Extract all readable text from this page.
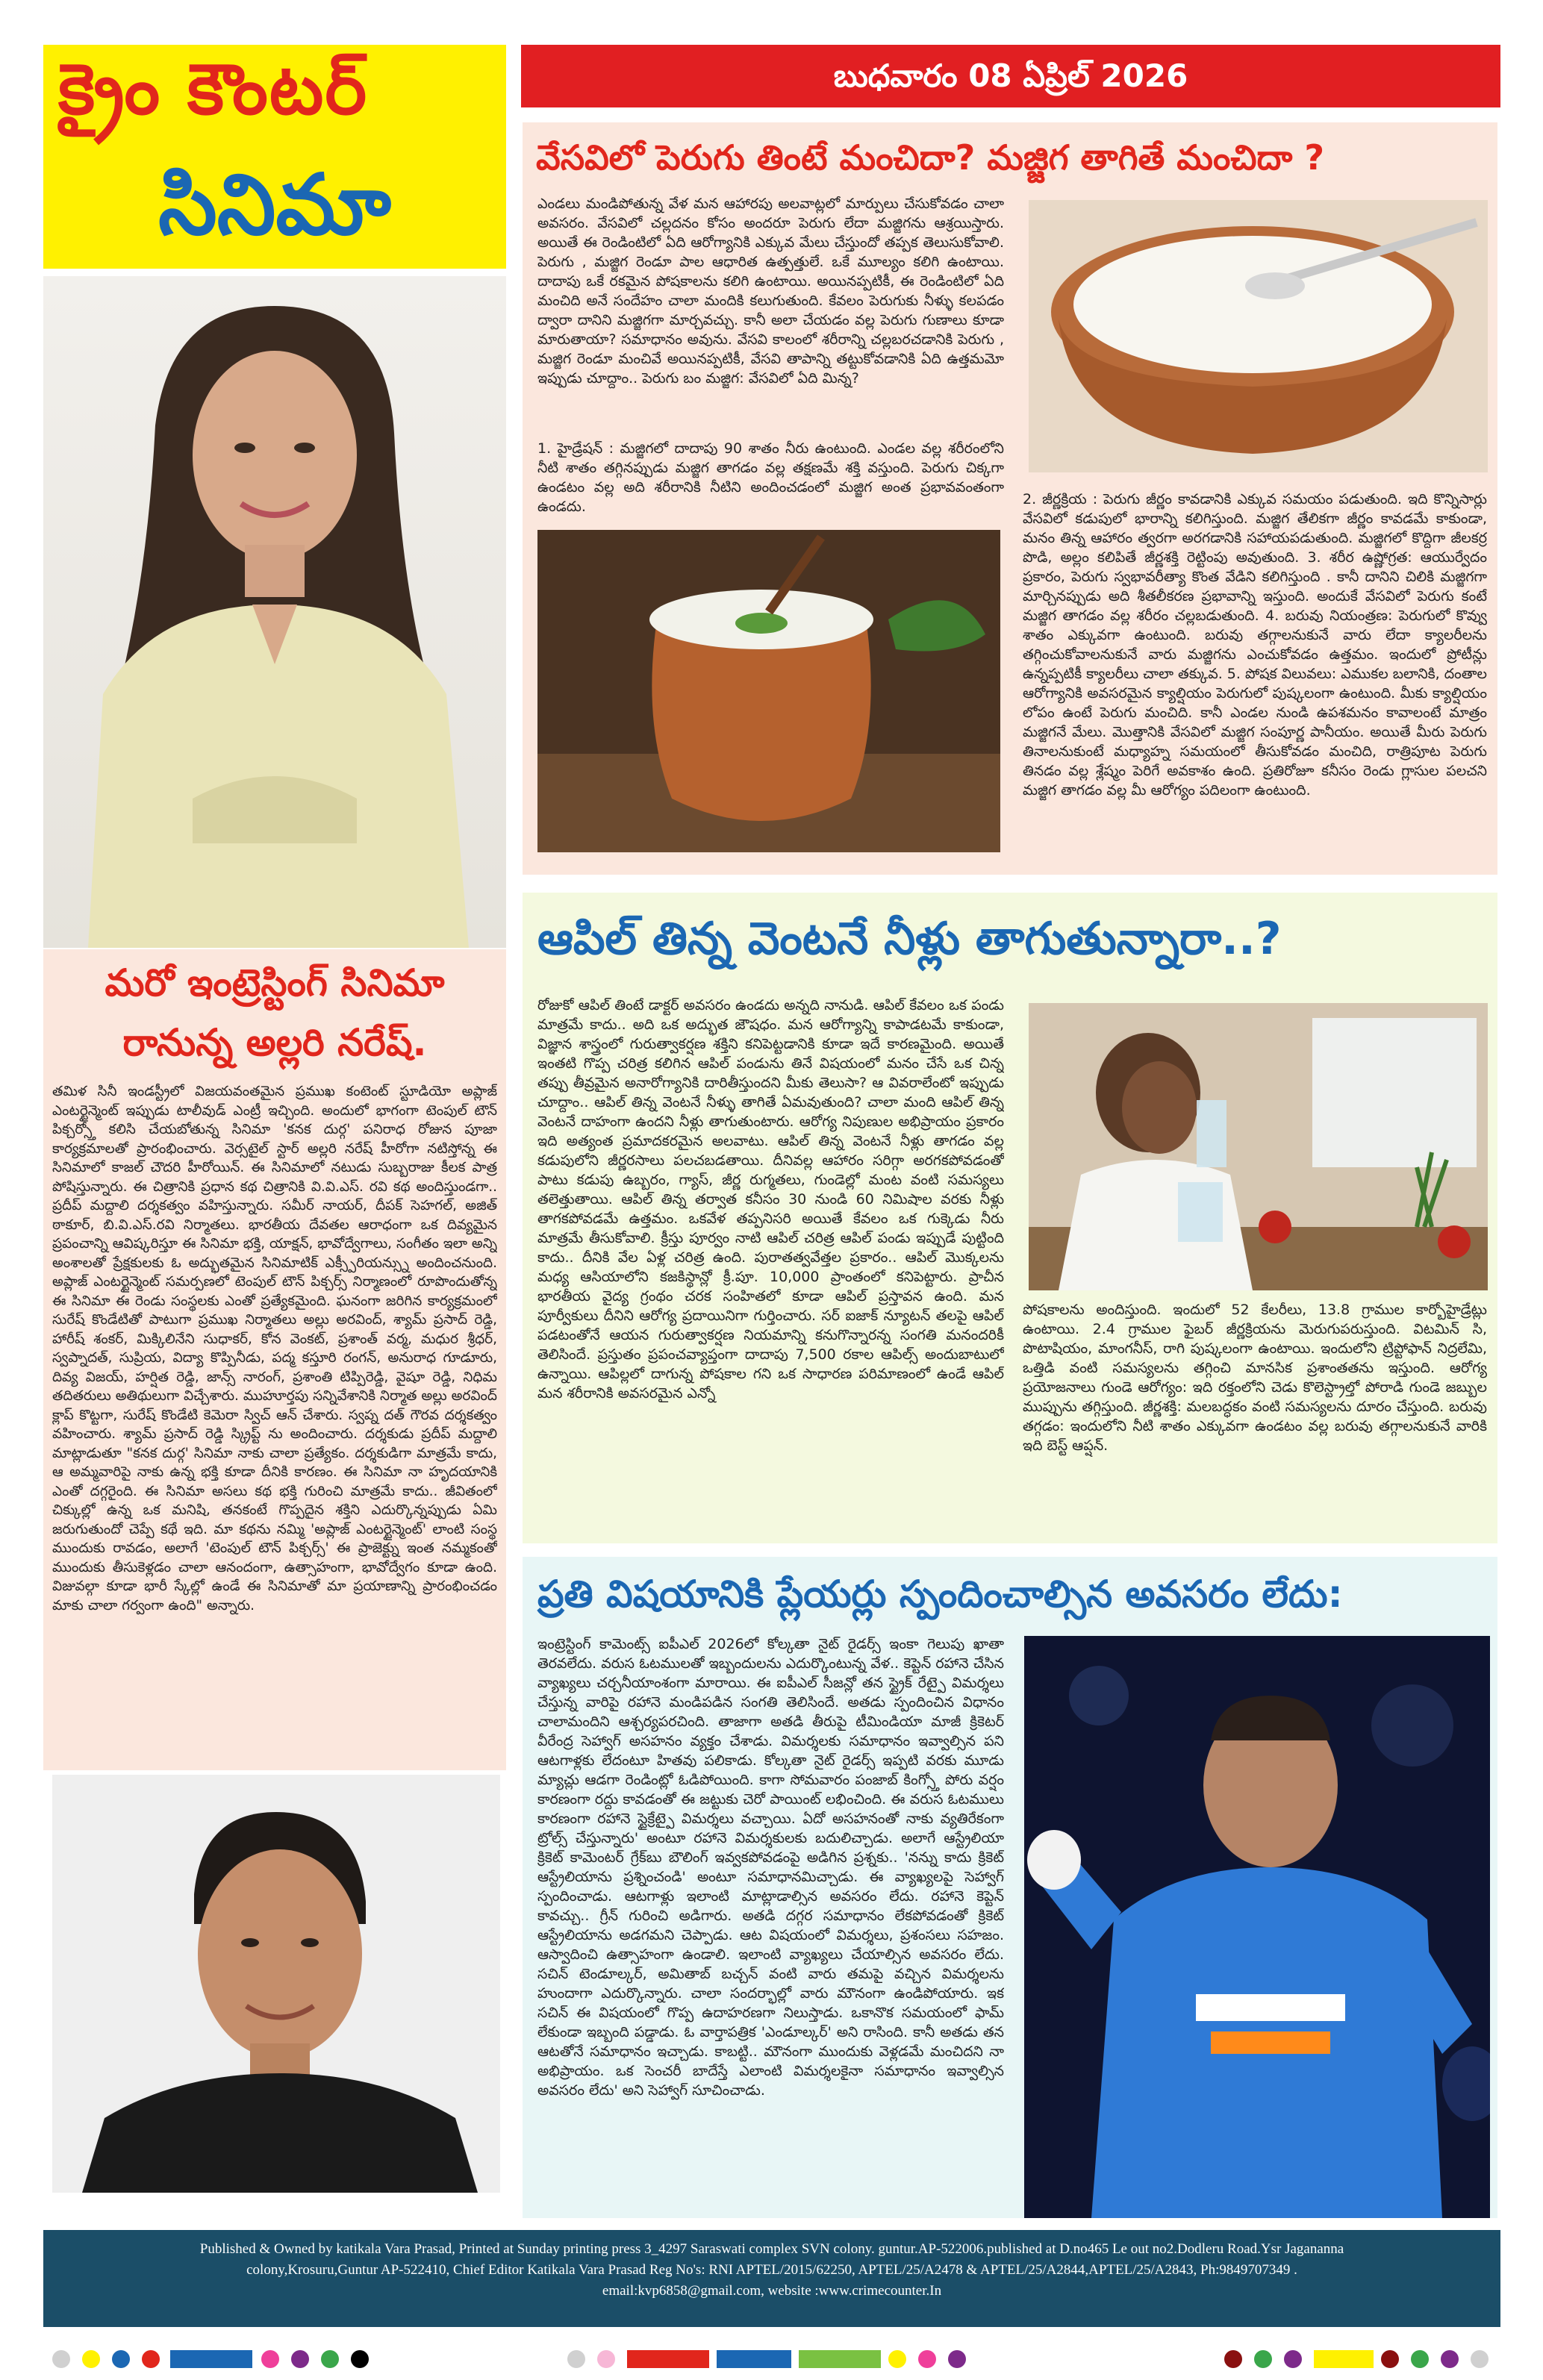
క్రైం కౌంటర్
సినిమా
బుధవారం 08 ఏప్రిల్ 2026
మరో ఇంట్రెస్టింగ్ సినిమా
రానున్న అల్లరి నరేష్.
తమిళ సినీ ఇండస్ట్రీలో విజయవంతమైన ప్రముఖ కంటెంట్ స్టూడియో అప్లాజ్ ఎంటర్టైన్మెంట్ ఇప్పుడు టాలీవుడ్ ఎంట్రీ ఇచ్చింది. అందులో భాగంగా టెంపుల్ టౌన్ పిక్చర్స్తో కలిసి చేయబోతున్న సినిమా 'కనక దుర్గ' పనిరాధ రోజున పూజా కార్యక్రమాలతో ప్రారంభించారు. వెర్సటైల్ స్టార్ అల్లరి నరేష్ హీరోగా నటిస్తోన్న ఈ సినిమాలో కాజల్ చౌదరి హీరోయిన్. ఈ సినిమాలో నటుడు సుబ్బరాజు కీలక పాత్ర పోషిస్తున్నారు. ఈ చిత్రానికి ప్రధాన కథ చిత్రానికి వి.వి.ఎస్. రవి కథ అందిస్తుండగా.. ప్రదీప్ మద్దాలి దర్శకత్వం వహిస్తున్నారు. సమీర్ నాయర్, దీపక్ సెహగల్, అజిత్ ఠాకూర్, బి.వి.ఎస్.రవి నిర్మాతలు. భారతీయ దేవతల ఆరాధంగా ఒక దివ్యమైన ప్రపంచాన్ని ఆవిష్కరిస్తూ ఈ సినిమా భక్తి, యాక్షన్, భావోద్వేగాలు, సంగీతం ఇలా అన్ని అంశాలతో ప్రేక్షకులకు ఓ అద్భుతమైన సినిమాటిక్ ఎక్స్పీరియన్స్ను అందించనుంది. అప్లాజ్ ఎంటర్టైన్మెంట్ సమర్పణలో టెంపుల్ టౌన్ పిక్చర్స్ నిర్మాణంలో రూపొందుతోన్న ఈ సినిమా ఈ రెండు సంస్థలకు ఎంతో ప్రత్యేకమైంది. ఘనంగా జరిగిన కార్యక్రమంలో సురేష్ కొండేటితో పాటుగా ప్రముఖ నిర్మాతలు అల్లు అరవింద్, శ్యామ్ ప్రసాద్ రెడ్డి, హారీష్ శంకర్, మిక్కిలినేని సుధాకర్, కోన వెంకట్, ప్రశాంత్ వర్మ, మధుర శ్రీధర్, స్వప్నాదత్, సుప్రియ, విద్యా కొప్పినీడు, పద్మ కస్తూరి రంగన్, అనురాధ గూడూరు, దివ్య విజయ్, హర్షిత రెడ్డి, జాన్స్ నారంగ్, ప్రశాంతి టిప్పిరెడ్డి, వైషూ రెడ్డి, నిధిమ తదితరులు అతిథులుగా విచ్చేశారు. ముహూర్తపు సన్నివేశానికి నిర్మాత అల్లు అరవింద్ క్లాప్ కొట్టగా, సురేష్ కొండేటి కెమెరా స్విచ్ ఆన్ చేశారు. స్వప్న దత్ గౌరవ దర్శకత్వం వహించారు. శ్యామ్ ప్రసాద్ రెడ్డి స్క్రిప్ట్ ను అందించారు. దర్శకుడు ప్రదీప్ మద్దాలి మాట్లాడుతూ "కనక దుర్గ' సినిమా నాకు చాలా ప్రత్యేకం. దర్శకుడిగా మాత్రమే కాదు, ఆ అమ్మవారిపై నాకు ఉన్న భక్తి కూడా దీనికి కారణం. ఈ సినిమా నా హృదయానికి ఎంతో దగ్గరైంది. ఈ సినిమా అసలు కథ భక్తి గురించి మాత్రమే కాదు.. జీవితంలో చిక్కుల్లో ఉన్న ఒక మనిషి, తనకంటే గొప్పదైన శక్తిని ఎదుర్కొన్నప్పుడు ఏమి జరుగుతుందో చెప్పే కథే ఇది. మా కథను నమ్మి 'అప్లాజ్ ఎంటర్టైన్మెంట్' లాంటి సంస్థ ముందుకు రావడం, అలాగే 'టెంపుల్ టౌన్ పిక్చర్స్' ఈ ప్రాజెక్ట్ను ఇంత నమ్మకంతో ముందుకు తీసుకెళ్లడం చాలా ఆనందంగా, ఉత్సాహంగా, భావోద్వేగం కూడా ఉంది. విజువల్గా కూడా భారీ స్కేల్లో ఉండే ఈ సినిమాతో మా ప్రయాణాన్ని ప్రారంభించడం మాకు చాలా గర్వంగా ఉంది" అన్నారు.
వేసవిలో పెరుగు తింటే మంచిదా? మజ్జిగ తాగితే మంచిదా ?
ఎండలు మండిపోతున్న వేళ మన ఆహారపు అలవాట్లలో మార్పులు చేసుకోవడం చాలా అవసరం. వేసవిలో చల్లదనం కోసం అందరూ పెరుగు లేదా మజ్జిగను ఆశ్రయిస్తారు. అయితే ఈ రెండింటిలో ఏది ఆరోగ్యానికి ఎక్కువ మేలు చేస్తుందో తప్పక తెలుసుకోవాలి. పెరుగు , మజ్జిగ రెండూ పాల ఆధారిత ఉత్పత్తులే. ఒకే మూల్యం కలిగి ఉంటాయి. దాదాపు ఒకే రకమైన పోషకాలను కలిగి ఉంటాయి. అయినప్పటికీ, ఈ రెండింటిలో ఏది మంచిది అనే సందేహం చాలా మందికి కలుగుతుంది. కేవలం పెరుగుకు నీళ్ళు కలపడం ద్వారా దానిని మజ్జిగగా మార్చవచ్చు. కానీ అలా చేయడం వల్ల పెరుగు గుణాలు కూడా మారుతాయా? సమాధానం అవును. వేసవి కాలంలో శరీరాన్ని చల్లబరచడానికి పెరుగు , మజ్జిగ రెండూ మంచివే అయినప్పటికీ, వేసవి తాపాన్ని తట్టుకోవడానికి ఏది ఉత్తమమో ఇప్పుడు చూద్దాం.. పెరుగు బం మజ్జిగ: వేసవిలో ఏది మిన్న?
1. హైడ్రేషన్ : మజ్జిగలో దాదాపు 90 శాతం నీరు ఉంటుంది. ఎండల వల్ల శరీరంలోని నీటి శాతం తగ్గినప్పుడు మజ్జిగ తాగడం వల్ల తక్షణమే శక్తి వస్తుంది. పెరుగు చిక్కగా ఉండటం వల్ల అది శరీరానికి నీటిని అందించడంలో మజ్జిగ అంత ప్రభావవంతంగా ఉండదు.	2. జీర్ణక్రియ : పెరుగు జీర్ణం కావడానికి ఎక్కువ సమయం పడుతుంది. ఇది కొన్నిసార్లు వేసవిలో కడుపులో భారాన్ని కలిగిస్తుంది. మజ్జిగ తేలికగా జీర్ణం కావడమే కాకుండా, మనం తిన్న ఆహారం త్వరగా అరగడానికి సహాయపడుతుంది. మజ్జిగలో కొద్దిగా జీలకర్ర పొడి, అల్లం కలిపితే జీర్ణశక్తి రెట్టింపు అవుతుంది. 3. శరీర ఉష్ణోగ్రత: ఆయుర్వేదం ప్రకారం, పెరుగు స్వభావరీత్యా కొంత వేడిని కలిగిస్తుంది . కానీ దానిని చిలికి మజ్జిగగా మార్చినప్పుడు అది శీతలీకరణ ప్రభావాన్ని ఇస్తుంది. అందుకే వేసవిలో పెరుగు కంటే మజ్జిగ తాగడం వల్ల శరీరం చల్లబడుతుంది. 4. బరువు నియంత్రణ: పెరుగులో కొవ్వు శాతం ఎక్కువగా ఉంటుంది. బరువు తగ్గాలనుకునే వారు లేదా క్యాలరీలను తగ్గించుకోవాలనుకునే వారు మజ్జిగను ఎంచుకోవడం ఉత్తమం. ఇందులో ప్రోటీన్లు ఉన్నప్పటికీ క్యాలరీలు చాలా తక్కువ. 5. పోషక విలువలు: ఎముకల బలానికి, దంతాల ఆరోగ్యానికి అవసరమైన క్యాల్షియం పెరుగులో పుష్కలంగా ఉంటుంది. మీకు క్యాల్షియం లోపం ఉంటే పెరుగు మంచిది. కానీ ఎండల నుండి ఉపశమనం కావాలంటే మాత్రం మజ్జిగనే మేలు. మొత్తానికి వేసవిలో మజ్జిగ సంపూర్ణ పానీయం. అయితే మీరు పెరుగు తినాలనుకుంటే మధ్యాహ్న సమయంలో తీసుకోవడం మంచిది, రాత్రిపూట పెరుగు తినడం వల్ల శ్లేష్మం పెరిగే అవకాశం ఉంది. ప్రతిరోజూ కనీసం రెండు గ్లాసుల పలచని మజ్జిగ తాగడం వల్ల మీ ఆరోగ్యం పదిలంగా ఉంటుంది.
ఆపిల్ తిన్న వెంటనే నీళ్లు తాగుతున్నారా..?
రోజుకో ఆపిల్ తింటే డాక్టర్ అవసరం ఉండదు అన్నది నానుడి. ఆపిల్ కేవలం ఒక పండు మాత్రమే కాదు.. అది ఒక అద్భుత జౌషధం. మన ఆరోగ్యాన్ని కాపాడటమే కాకుండా, విజ్ఞాన శాస్త్రంలో గురుత్వాకర్షణ శక్తిని కనిపెట్టడానికి కూడా ఇదే కారణమైంది. అయితే ఇంతటి గొప్ప చరిత్ర కలిగిన ఆపిల్ పండును తినే విషయంలో మనం చేసే ఒక చిన్న తప్పు తీవ్రమైన అనారోగ్యానికి దారితీస్తుందని మీకు తెలుసా? ఆ వివరాలేంటో ఇప్పుడు చూద్దాం.. ఆపిల్ తిన్న వెంటనే నీళ్ళు తాగితే ఏమవుతుంది? చాలా మంది ఆపిల్ తిన్న వెంటనే దాహంగా ఉందని నీళ్లు తాగుతుంటారు. ఆరోగ్య నిపుణుల అభిప్రాయం ప్రకారం ఇది అత్యంత ప్రమాదకరమైన అలవాటు. ఆపిల్ తిన్న వెంటనే నీళ్లు తాగడం వల్ల కడుపులోని జీర్ణరసాలు పలచబడతాయి. దీనివల్ల ఆహారం సరిగ్గా అరగకపోవడంతో పాటు కడుపు ఉబ్బరం, గ్యాస్, జీర్ణ రుగ్మతలు, గుండెల్లో మంట వంటి సమస్యలు తలెత్తుతాయి. ఆపిల్ తిన్న తర్వాత కనీసం 30 నుండి 60 నిమిషాల వరకు నీళ్లు తాగకపోవడమే ఉత్తమం. ఒకవేళ తప్పనిసరి అయితే కేవలం ఒక గుక్కెడు నీరు మాత్రమే తీసుకోవాలి. క్రీస్తు పూర్వం నాటి ఆపిల్ చరిత్ర ఆపిల్ పండు ఇప్పుడే పుట్టింది కాదు.. దీనికి వేల ఏళ్ల చరిత్ర ఉంది. పురాతత్వవేత్తల ప్రకారం.. ఆపిల్ మొక్కలను మధ్య ఆసియాలోని కజకిస్థాన్లో క్రీ.పూ. 10,000 ప్రాంతంలో కనిపెట్టారు. ప్రాచీన భారతీయ వైద్య గ్రంథం చరక సంహితలో కూడా ఆపిల్ ప్రస్తావన ఉంది. మన పూర్వీకులు దీనిని ఆరోగ్య ప్రదాయినిగా గుర్తించారు. సర్ ఐజాక్ న్యూటన్ తలపై ఆపిల్ పడటంతోనే ఆయన గురుత్వాకర్షణ నియమాన్ని కనుగొన్నారన్న సంగతి మనందరికీ తెలిసిందే. ప్రస్తుతం ప్రపంచవ్యాప్తంగా దాదాపు 7,500 రకాల ఆపిల్స్ అందుబాటులో ఉన్నాయి. ఆపిల్లలో దాగున్న పోషకాల గని ఒక సాధారణ పరిమాణంలో ఉండే ఆపిల్ మన శరీరానికి అవసరమైన ఎన్నో
పోషకాలను అందిస్తుంది. ఇందులో 52 కేలరీలు, 13.8 గ్రాముల కార్బోహైడ్రేట్లు ఉంటాయి. 2.4 గ్రాముల ఫైబర్ జీర్ణక్రియను మెరుగుపరుస్తుంది. విటమిన్ సి, పొటాషియం, మాంగనీస్, రాగి పుష్కలంగా ఉంటాయి. ఇందులోని ట్రిప్టోఫాన్ నిద్రలేమి, ఒత్తిడి వంటి సమస్యలను తగ్గించి మానసిక ప్రశాంతతను ఇస్తుంది. ఆరోగ్య ప్రయోజనాలు గుండె ఆరోగ్యం: ఇది రక్తంలోని చెడు కొలెస్ట్రాల్తో పోరాడి గుండె జబ్బుల ముప్పును తగ్గిస్తుంది. జీర్ణశక్తి: మలబద్ధకం వంటి సమస్యలను దూరం చేస్తుంది. బరువు తగ్గడం: ఇందులోని నీటి శాతం ఎక్కువగా ఉండటం వల్ల బరువు తగ్గాలనుకునే వారికి ఇది బెస్ట్ ఆప్షన్.
ప్రతి విషయానికి ప్లేయర్లు స్పందించాల్సిన అవసరం లేదు:
ఇంట్రెస్టింగ్ కామెంట్స్ ఐపీఎల్ 2026లో కోల్కతా నైట్ రైడర్స్ ఇంకా గెలుపు ఖాతా తెరవలేదు. వరుస ఓటములతో ఇబ్బందులను ఎదుర్కొంటున్న వేళ.. కెప్టెన్ రహానె చేసిన వ్యాఖ్యలు చర్చనీయాంశంగా మారాయి. ఈ ఐపీఎల్ సీజన్లో తన స్ట్రైక్ రేట్పై విమర్శలు చేస్తున్న వారిపై రహానె మండిపడిన సంగతి తెలిసిందే. అతడు స్పందించిన విధానం చాలామందిని ఆశ్చర్యపరచింది. తాజాగా అతడి తీరుపై టీమిండియా మాజీ క్రికెటర్ వీరేంద్ర సెహ్వాగ్ అసహనం వ్యక్తం చేశాడు. విమర్శలకు సమాధానం ఇవ్వాల్సిన పని ఆటగాళ్లకు లేదంటూ హితవు పలికాడు. కోల్కతా నైట్ రైడర్స్ ఇప్పటి వరకు మూడు మ్యాచ్లు ఆడగా రెండింట్లో ఓడిపోయింది. కాగా సోమవారం పంజాబ్ కింగ్స్తో పోరు వర్షం కారణంగా రద్దు కావడంతో ఈ జట్టుకు చెరో పాయింట్ లభించింది. ఈ వరుస ఓటములు కారణంగా రహానె స్టైక్రేట్పై విమర్శలు వచ్చాయి. ఏదో అసహనంతో నాకు వ్యతిరేకంగా ట్రోల్స్ చేస్తున్నారు' అంటూ రహానె విమర్శకులకు బదులిచ్చాడు. అలాగే ఆస్ట్రేలియా క్రికెట్ కామెంటర్ గ్రేక్‌బు బౌలింగ్ ఇవ్వకపోవడంపై అడిగిన ప్రశ్నకు.. 'నన్ను కాదు క్రికెట్ ఆస్ట్రేలియాను ప్రశ్నించండి' అంటూ సమాధానమిచ్చాడు. ఈ వ్యాఖ్యలపై సెహ్వాగ్ స్పందించాడు. ఆటగాళ్లు ఇలాంటి మాట్లాడాల్సిన అవసరం లేదు. రహానె కెప్టెన్ కావచ్చు.. గ్రీన్ గురించి అడిగారు. అతడి దగ్గర సమాధానం లేకపోవడంతో క్రికెట్ ఆస్ట్రేలియాను అడగమని చెప్పాడు. ఆట విషయంలో విమర్శలు, ప్రశంసలు సహజం. ఆస్వాదించి ఉత్సాహంగా ఉండాలి. ఇలాంటి వ్యాఖ్యలు చేయాల్సిన అవసరం లేదు. సచిన్ టెండూల్కర్, అమితాబ్ బచ్చన్ వంటి వారు తమపై వచ్చిన విమర్శలను హుందాగా ఎదుర్కొన్నారు. చాలా సందర్భాల్లో వారు మౌనంగా ఉండిపోయారు. ఇక సచిన్ ఈ విషయంలో గొప్ప ఉదాహరణగా నిలుస్తాడు. ఒకానొక సమయంలో ఫామ్ లేకుండా ఇబ్బంది పడ్డాడు. ఓ వార్తాపత్రిక 'ఎండూల్కర్' అని రాసింది. కానీ అతడు తన ఆటతోనే సమాధానం ఇచ్చాడు. కాబట్టి.. మౌనంగా ముందుకు వెళ్లడమే మంచిదని నా అభిప్రాయం. ఒక సెంచరీ బాదేస్తే ఎలాంటి విమర్శలకైనా సమాధానం ఇవ్వాల్సిన అవసరం లేదు' అని సెహ్వాగ్ సూచించాడు.

Published & Owned by katikala Vara Prasad, Printed at Sunday printing press 3_4297 Saraswati complex SVN colony. guntur.AP-522006.published at D.no465 Le out no2.Dodleru Road.Ysr Jagananna

colony,Krosuru,Guntur AP-522410, Chief Editor Katikala Vara Prasad Reg No's: RNI APTEL/2015/62250, APTEL/25/A2478 & APTEL/25/A2844,APTEL/25/A2843, Ph:9849707349 .

email:kvp6858@gmail.com, website :www.crimecounter.In
